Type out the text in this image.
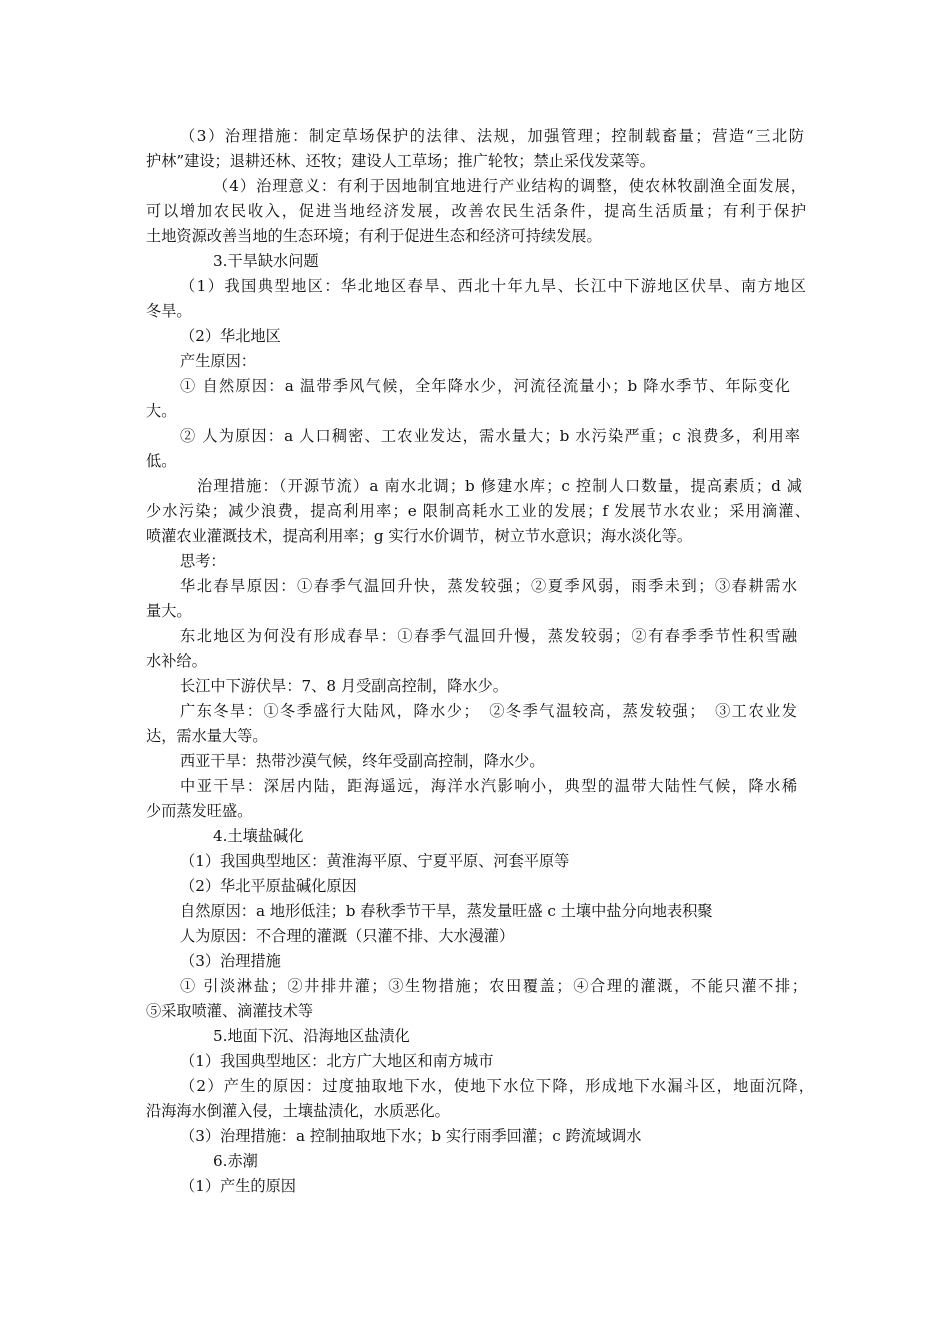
（3）治理措施：制定草场保护的法律、法规，加强管理；控制载畜量；营造“三北防
护林”建设；退耕还林、还牧；建设人工草场；推广轮牧；禁止采伐发菜等。
（4）治理意义：有利于因地制宜地进行产业结构的调整，使农林牧副渔全面发展，
可以增加农民收入，促进当地经济发展，改善农民生活条件，提高生活质量；有利于保护
土地资源改善当地的生态环境；有利于促进生态和经济可持续发展。
3.干旱缺水问题
（1）我国典型地区：华北地区春旱、西北十年九旱、长江中下游地区伏旱、南方地区
冬旱。
（2）华北地区
产生原因：
① 自然原因：a 温带季风气候，全年降水少，河流径流量小；b 降水季节、年际变化
大。
② 人为原因：a 人口稠密、工农业发达，需水量大；b 水污染严重；c 浪费多，利用率
低。
治理措施：（开源节流）a 南水北调；b 修建水库；c 控制人口数量，提高素质；d 减
少水污染；减少浪费，提高利用率；e 限制高耗水工业的发展；f 发展节水农业；采用滴灌、
喷灌农业灌溉技术，提高利用率；g 实行水价调节，树立节水意识；海水淡化等。
思考：
华北春旱原因：①春季气温回升快，蒸发较强；②夏季风弱，雨季未到；③春耕需水
量大。
东北地区为何没有形成春旱：①春季气温回升慢，蒸发较弱；②有春季季节性积雪融
水补给。
长江中下游伏旱：7、8 月受副高控制，降水少。
广东冬旱：①冬季盛行大陆风，降水少；　②冬季气温较高，蒸发较强；　③工农业发
达，需水量大等。
西亚干旱：热带沙漠气候，终年受副高控制，降水少。
中亚干旱：深居内陆，距海遥远，海洋水汽影响小，典型的温带大陆性气候，降水稀
少而蒸发旺盛。
4.土壤盐碱化
（1）我国典型地区：黄淮海平原、宁夏平原、河套平原等
（2）华北平原盐碱化原因
自然原因：a 地形低洼；b 春秋季节干旱，蒸发量旺盛 c 土壤中盐分向地表积聚
人为原因：不合理的灌溉（只灌不排、大水漫灌）
（3）治理措施
① 引淡淋盐；②井排井灌；③生物措施；农田覆盖；④合理的灌溉，不能只灌不排；
⑤采取喷灌、滴灌技术等
5.地面下沉、沿海地区盐渍化
（1）我国典型地区：北方广大地区和南方城市
（2）产生的原因：过度抽取地下水，使地下水位下降，形成地下水漏斗区，地面沉降，
沿海海水倒灌入侵，土壤盐渍化，水质恶化。
（3）治理措施：a 控制抽取地下水；b 实行雨季回灌；c 跨流域调水
6.赤潮
（1）产生的原因
